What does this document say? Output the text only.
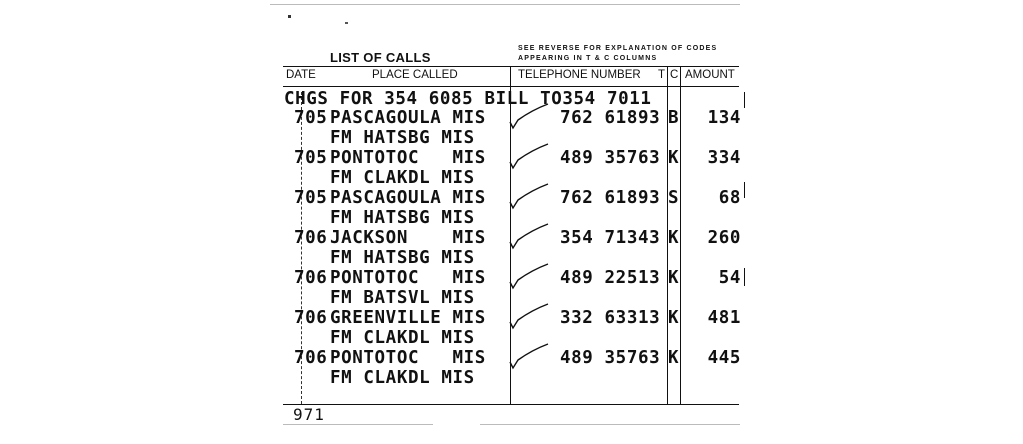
LIST OF CALLS
SEE REVERSE FOR EXPLANATION OF CODES
APPEARING IN T & C COLUMNS
DATE	PLACE CALLED	TELEPHONE NUMBER T C AMOUNT
CHGS FOR 354 6085 BILL TO354 7011
705 PASCAGOULA MIS
FM HATSBG MIS
762 61893 B 134
705 PONTOTOC   MIS
FM CLAKDL MIS
489 35763 K 334
705 PASCAGOULA MIS
FM HATSBG MIS
762 61893 S 68
706 JACKSON    MIS
FM HATSBG MIS
354 71343 K 260
706 PONTOTOC   MIS
FM BATSVL MIS
489 22513 K 54
706 GREENVILLE MIS
FM CLAKDL MIS
332 63313 K 481
706 PONTOTOC   MIS
FM CLAKDL MIS
489 35763 K 445
971
